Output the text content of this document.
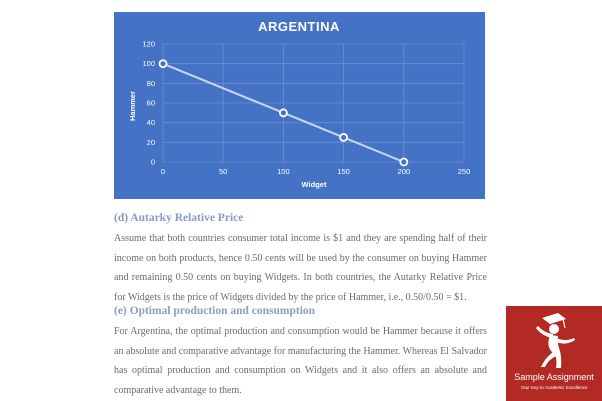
ARGENTINA
0
20
40
60
80
100
120
0	50	100	150	200	250
Hammer
Widget

(d) Autarky Relative Price

Assume that both countries consumer total income is $1 and they are spending half of their income on both products, hence 0.50 cents will be used by the consumer on buying Hammer and remaining 0.50 cents on buying Widgets. In both countries, the Autarky Relative Price for Widgets is the price of Widgets divided by the price of Hammer, i.e., 0.50/0.50 = $1.

(e) Optimal production and consumption

For Argentina, the optimal production and consumption would be Hammer because it offers an absolute and comparative advantage for manufacturing the Hammer. Whereas El Salvador has optimal production and consumption on Widgets and it also offers an absolute and comparative advantage to them.

Sample Assignment
Your Key to Academic Excellence
